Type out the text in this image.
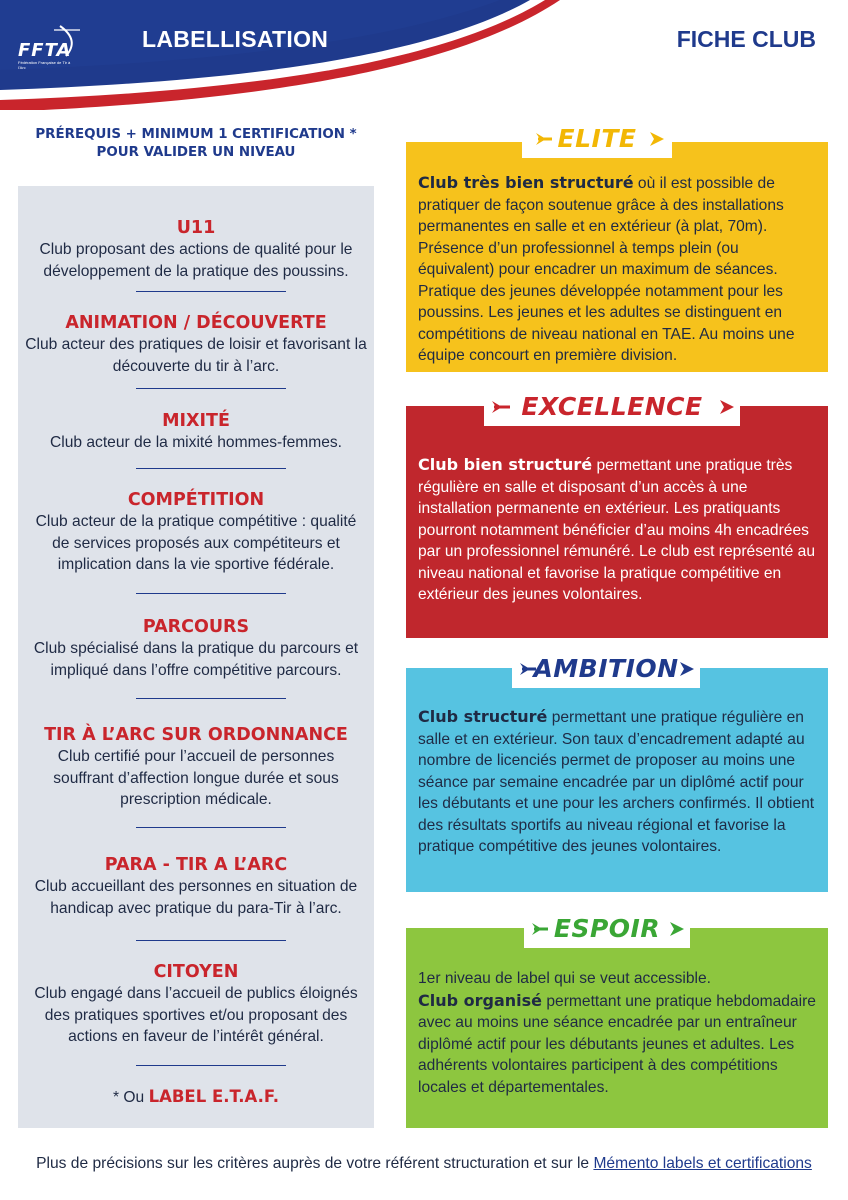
FFTA
Fédération Française de Tir à l'Arc
LABELLISATION	FICHE CLUB
PRÉREQUIS + MINIMUM 1 CERTIFICATION *
POUR VALIDER UN NIVEAU
U11
Club proposant des actions de qualité pour le développement de la pratique des poussins.
ANIMATION / DÉCOUVERTE
Club acteur des pratiques de loisir et favorisant la découverte du tir à l’arc.
MIXITÉ
Club acteur de la mixité hommes-femmes.
COMPÉTITION
Club acteur de la pratique compétitive : qualité de services proposés aux compétiteurs et implication dans la vie sportive fédérale.
PARCOURS
Club spécialisé dans la pratique du parcours et impliqué dans l’offre compétitive parcours.
TIR À L’ARC SUR ORDONNANCE
Club certifié pour l’accueil de personnes souffrant d’affection longue durée et sous prescription médicale.
PARA - TIR A L’ARC
Club accueillant des personnes en situation de handicap avec pratique du para-Tir à l’arc.
CITOYEN
Club engagé dans l’accueil de publics éloignés des pratiques sportives et/ou proposant des actions en faveur de l’intérêt général.
* Ou LABEL E.T.A.F.
Club très bien structuré où il est possible de pratiquer de façon soutenue grâce à des installations permanentes en salle et en extérieur (à plat, 70m). Présence d’un professionnel à temps plein (ou équivalent) pour encadrer un maximum de séances. Pratique des jeunes développée notamment pour les poussins. Les jeunes et les adultes se distinguent en compétitions de niveau national en TAE. Au moins une équipe concourt en première division.
ELITE
Club bien structuré permettant une pratique très régulière en salle et disposant d’un accès à une installation permanente en extérieur. Les pratiquants pourront notamment bénéficier d’au moins 4h encadrées par un professionnel rémunéré. Le club est représenté au niveau national et favorise la pratique compétitive en extérieur des jeunes volontaires.
EXCELLENCE
Club structuré permettant une pratique régulière en salle et en extérieur. Son taux d’encadrement adapté au nombre de licenciés permet de proposer au moins une séance par semaine encadrée par un diplômé actif pour les débutants et une pour les archers confirmés. Il obtient des résultats sportifs au niveau régional et favorise la pratique compétitive des jeunes volontaires.
AMBITION
1er niveau de label qui se veut accessible.
Club organisé permettant une pratique hebdomadaire avec au moins une séance encadrée par un entraîneur diplômé actif pour les débutants jeunes et adultes. Les adhérents volontaires participent à des compétitions locales et départementales.
ESPOIR
Plus de précisions sur les critères auprès de votre référent structuration et sur le Mémento labels et certifications
